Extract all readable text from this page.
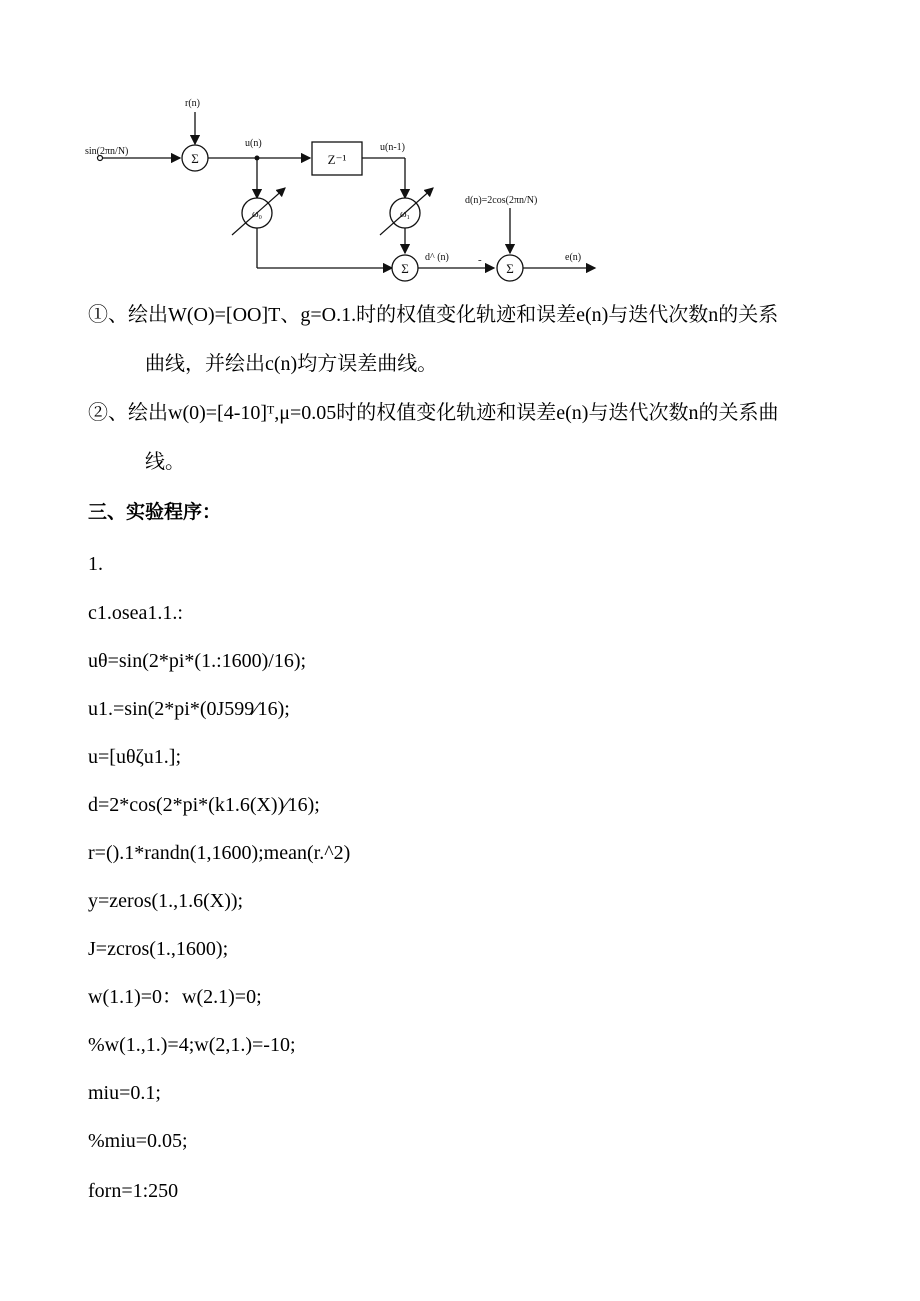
sin(2πn/N)
r(n)
Σ
u(n)
Z⁻¹
u(n-1)
ω₀	ω₁
Σ
d^ (n)	-
d(n)=2cos(2πn/N)
Σ
e(n)
①、绘出W(O)=[OO]T、g=O.1.时的权值变化轨迹和误差e(n)与迭代次数n的关系
曲线，并绘出c(n)均方误差曲线。
②、绘出w(0)=[4-10]ᵀ,μ=0.05时的权值变化轨迹和误差e(n)与迭代次数n的关系曲
线。
三、实验程序：
1.
c1.osea1.1.:
uθ=sin(2*pi*(1.:1600)/16);
u1.=sin(2*pi*(0J599∕16);
u=[uθζu1.];
d=2*cos(2*pi*(k1.6(X))∕16);
r=().1*randn(1,1600);mean(r.^2)
y=zeros(1.,1.6(X));
J=zcros(1.,1600);
w(1.1)=0：w(2.1)=0;
%w(1.,1.)=4;w(2,1.)=-10;
miu=0.1;
%miu=0.05;
forn=1:250
